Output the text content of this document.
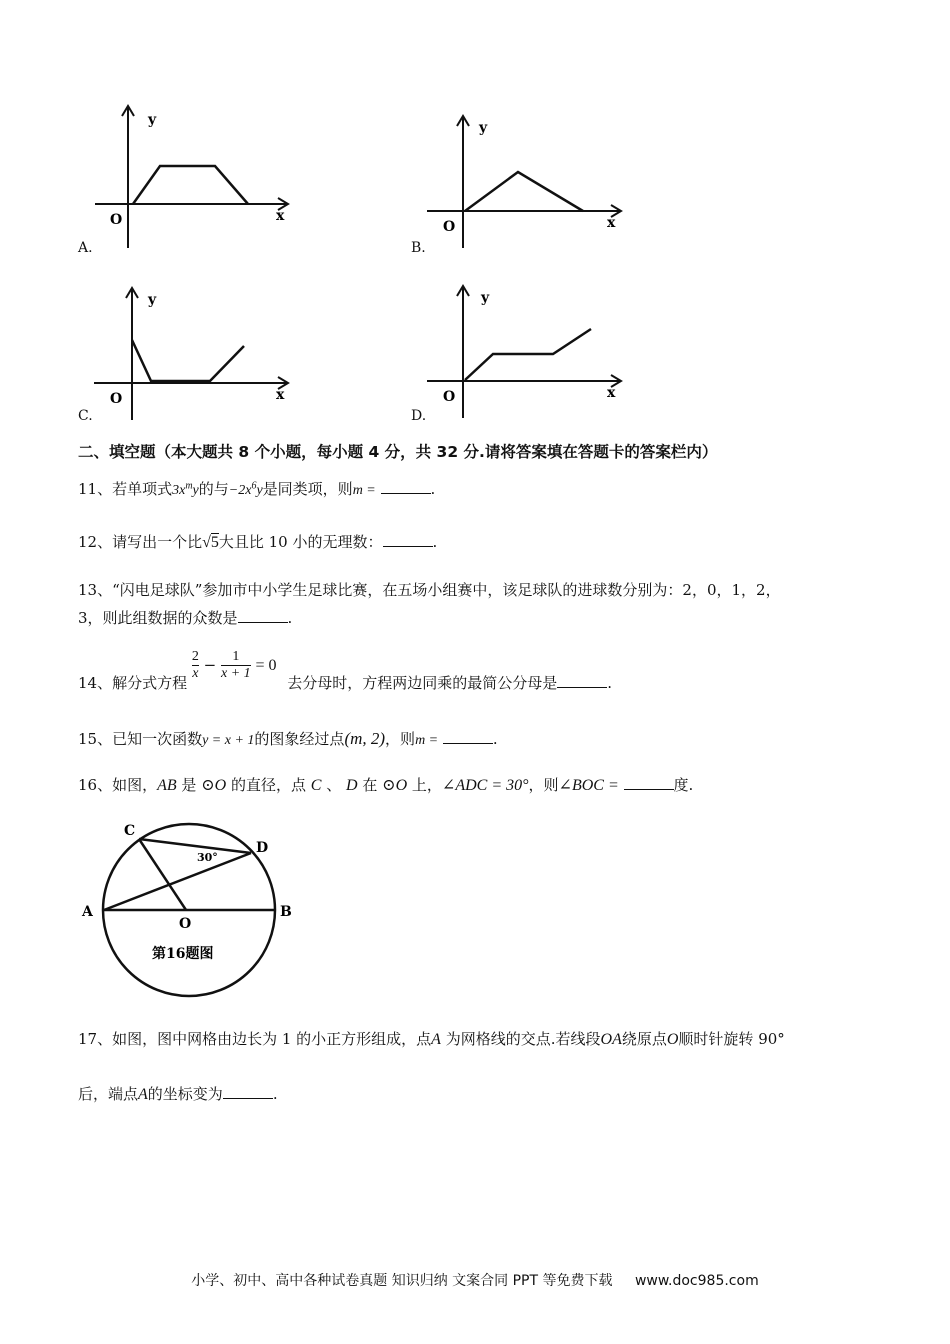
O
y
x
A.
O
y
x
B.
O
y
x
C.
O
y
x
D.
二、填空题（本大题共 8 个小题，每小题 4 分，共 32 分.请将答案填在答题卡的答案栏内）
11、若单项式$3x^my$的与$-2x^6y$是同类项，则m =	.
12、请写出一个比√5大且比 10 小的无理数：	.
13、“闪电足球队”参加市中小学生足球比赛，在五场小组赛中，该足球队的进球数分别为：2，0，1，2，
3，则此组数据的众数是	.
14、解分式方程
$\frac{2}{x} - \frac{1}{x + 1} = 0$ 去分母时，方程两边同乘的最简公分母是	.
15、已知一次函数y = x + 1的图象经过点(m, 2)，则m =	.
16、如图，AB 是 ⊙O 的直径，点 C 、 D 在 ⊙O 上，∠ADC = 30°，则∠BOC =	度.
C
D
A
O
B
30°
第16题图
17、如图，图中网格由边长为 1 的小正方形组成，点A 为网格线的交点.若线段OA绕原点O顺时针旋转 90°
后，端点A的坐标变为	.
小学、初中、高中各种试卷真题 知识归纳 文案合同 PPT 等免费下载 www.doc985.com
